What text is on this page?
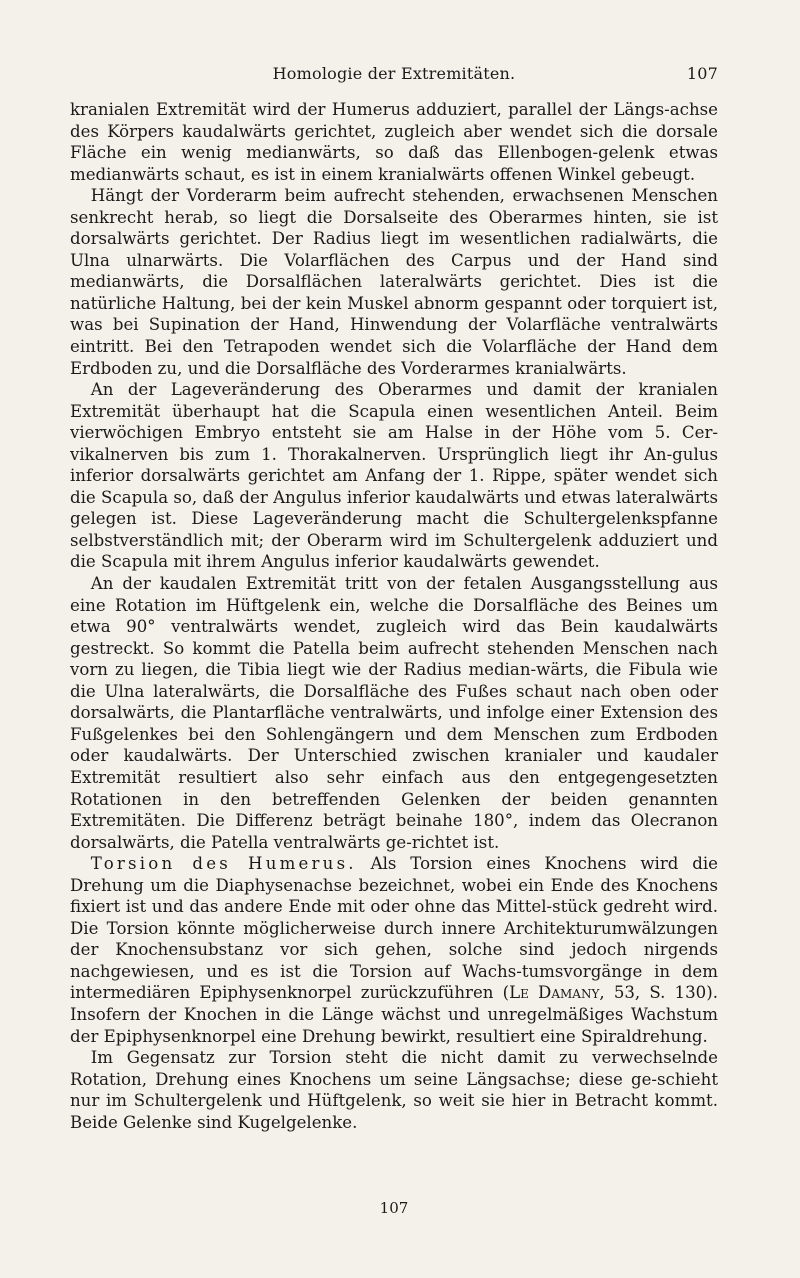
Homologie der Extremitäten.	107

kranialen Extremität wird der Humerus adduziert, parallel der Längs-achse des Körpers kaudalwärts gerichtet, zugleich aber wendet sich die dorsale Fläche ein wenig medianwärts, so daß das Ellenbogen-gelenk etwas medianwärts schaut, es ist in einem kranialwärts offenen Winkel gebeugt.

Hängt der Vorderarm beim aufrecht stehenden, erwachsenen Menschen senkrecht herab, so liegt die Dorsalseite des Oberarmes hinten, sie ist dorsalwärts gerichtet. Der Radius liegt im wesentlichen radialwärts, die Ulna ulnarwärts. Die Volarflächen des Carpus und der Hand sind medianwärts, die Dorsalflächen lateralwärts gerichtet. Dies ist die natürliche Haltung, bei der kein Muskel abnorm gespannt oder torquiert ist, was bei Supination der Hand, Hinwendung der Volarfläche ventralwärts eintritt. Bei den Tetrapoden wendet sich die Volarfläche der Hand dem Erdboden zu, und die Dorsalfläche des Vorderarmes kranialwärts.

An der Lageveränderung des Oberarmes und damit der kranialen Extremität überhaupt hat die Scapula einen wesentlichen Anteil. Beim vierwöchigen Embryo entsteht sie am Halse in der Höhe vom 5. Cer-vikalnerven bis zum 1. Thorakalnerven. Ursprünglich liegt ihr An-gulus inferior dorsalwärts gerichtet am Anfang der 1. Rippe, später wendet sich die Scapula so, daß der Angulus inferior kaudalwärts und etwas lateralwärts gelegen ist. Diese Lageveränderung macht die Schultergelenkspfanne selbstverständlich mit; der Oberarm wird im Schultergelenk adduziert und die Scapula mit ihrem Angulus inferior kaudalwärts gewendet.

An der kaudalen Extremität tritt von der fetalen Ausgangsstellung aus eine Rotation im Hüftgelenk ein, welche die Dorsalfläche des Beines um etwa 90° ventralwärts wendet, zugleich wird das Bein kaudalwärts gestreckt. So kommt die Patella beim aufrecht stehenden Menschen nach vorn zu liegen, die Tibia liegt wie der Radius median-wärts, die Fibula wie die Ulna lateralwärts, die Dorsalfläche des Fußes schaut nach oben oder dorsalwärts, die Plantarfläche ventralwärts, und infolge einer Extension des Fußgelenkes bei den Sohlengängern und dem Menschen zum Erdboden oder kaudalwärts. Der Unterschied zwischen kranialer und kaudaler Extremität resultiert also sehr einfach aus den entgegengesetzten Rotationen in den betreffenden Gelenken der beiden genannten Extremitäten. Die Differenz beträgt beinahe 180°, indem das Olecranon dorsalwärts, die Patella ventralwärts ge-richtet ist.

Torsion des Humerus. Als Torsion eines Knochens wird die Drehung um die Diaphysenachse bezeichnet, wobei ein Ende des Knochens fixiert ist und das andere Ende mit oder ohne das Mittel-stück gedreht wird. Die Torsion könnte möglicherweise durch innere Architekturumwälzungen der Knochensubstanz vor sich gehen, solche sind jedoch nirgends nachgewiesen, und es ist die Torsion auf Wachs-tumsvorgänge in dem intermediären Epiphysenknorpel zurückzuführen (Le Damany, 53, S. 130). Insofern der Knochen in die Länge wächst und unregelmäßiges Wachstum der Epiphysenknorpel eine Drehung bewirkt, resultiert eine Spiraldrehung.

Im Gegensatz zur Torsion steht die nicht damit zu verwechselnde Rotation, Drehung eines Knochens um seine Längsachse; diese ge-schieht nur im Schultergelenk und Hüftgelenk, so weit sie hier in Betracht kommt. Beide Gelenke sind Kugelgelenke.

107
